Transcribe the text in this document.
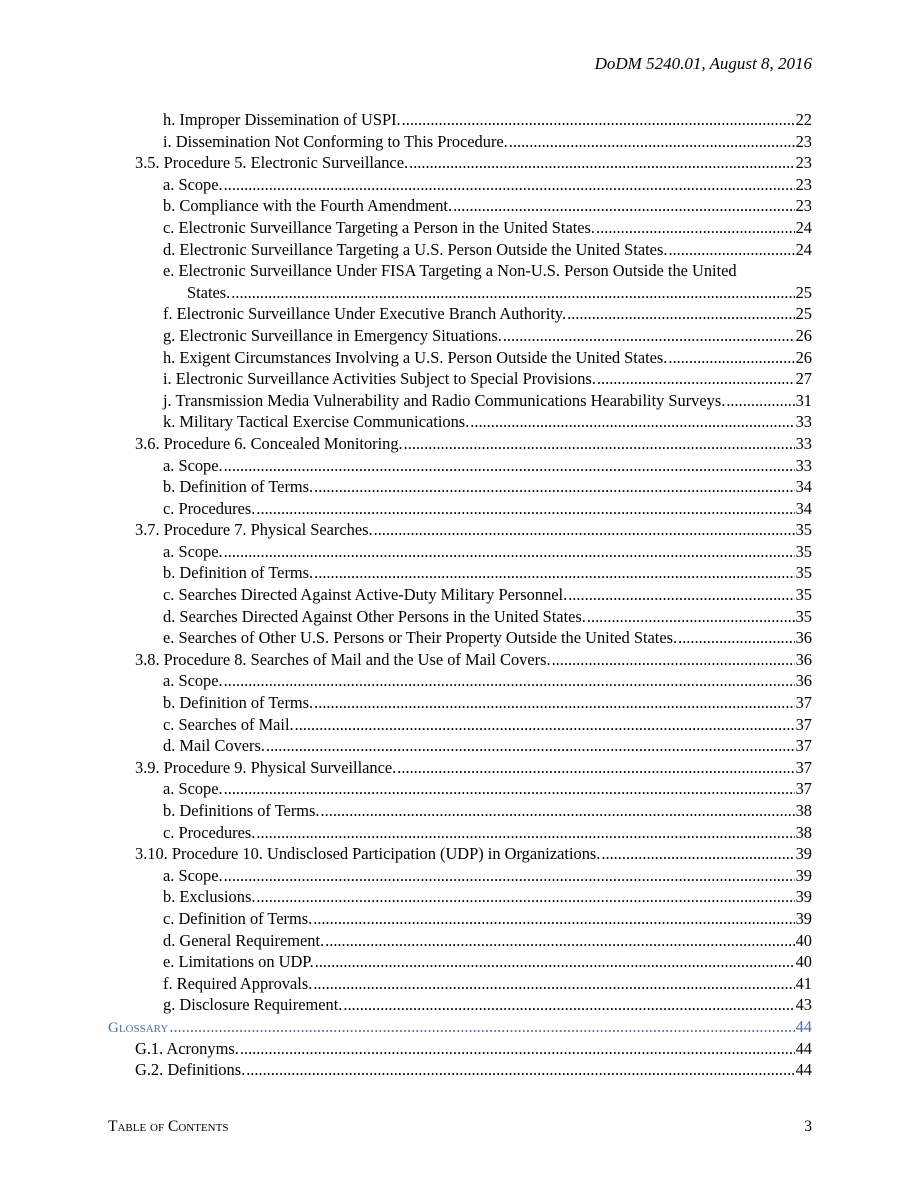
DoDM 5240.01, August 8, 2016
h. Improper Dissemination of USPI. .....	22
i. Dissemination Not Conforming to This Procedure. .....	23
3.5. Procedure 5. Electronic Surveillance. .....	23
a. Scope. .....	23
b. Compliance with the Fourth Amendment. .....	23
c. Electronic Surveillance Targeting a Person in the United States. .....	24
d. Electronic Surveillance Targeting a U.S. Person Outside the United States. .....	24
e. Electronic Surveillance Under FISA Targeting a Non-U.S. Person Outside the United
States. .....	25
f. Electronic Surveillance Under Executive Branch Authority. .....	25
g. Electronic Surveillance in Emergency Situations. .....	26
h. Exigent Circumstances Involving a U.S. Person Outside the United States. .....	26
i. Electronic Surveillance Activities Subject to Special Provisions. .....	27
j. Transmission Media Vulnerability and Radio Communications Hearability Surveys. .....	31
k. Military Tactical Exercise Communications. .....	33
3.6. Procedure 6. Concealed Monitoring. .....	33
a. Scope. .....	33
b. Definition of Terms. .....	34
c. Procedures. .....	34
3.7. Procedure 7. Physical Searches. .....	35
a. Scope. .....	35
b. Definition of Terms. .....	35
c. Searches Directed Against Active-Duty Military Personnel. .....	35
d. Searches Directed Against Other Persons in the United States. .....	35
e. Searches of Other U.S. Persons or Their Property Outside the United States. .....	36
3.8. Procedure 8. Searches of Mail and the Use of Mail Covers. .....	36
a. Scope. .....	36
b. Definition of Terms. .....	37
c. Searches of Mail. .....	37
d. Mail Covers. .....	37
3.9. Procedure 9. Physical Surveillance. .....	37
a. Scope. .....	37
b. Definitions of Terms. .....	38
c. Procedures. .....	38
3.10. Procedure 10. Undisclosed Participation (UDP) in Organizations. .....	39
a. Scope. .....	39
b. Exclusions. .....	39
c. Definition of Terms. .....	39
d. General Requirement. .....	40
e. Limitations on UDP. .....	40
f. Required Approvals. .....	41
g. Disclosure Requirement. .....	43
Glossary .....	44
G.1. Acronyms. .....	44
G.2. Definitions. .....	44
Table of Contents	3
